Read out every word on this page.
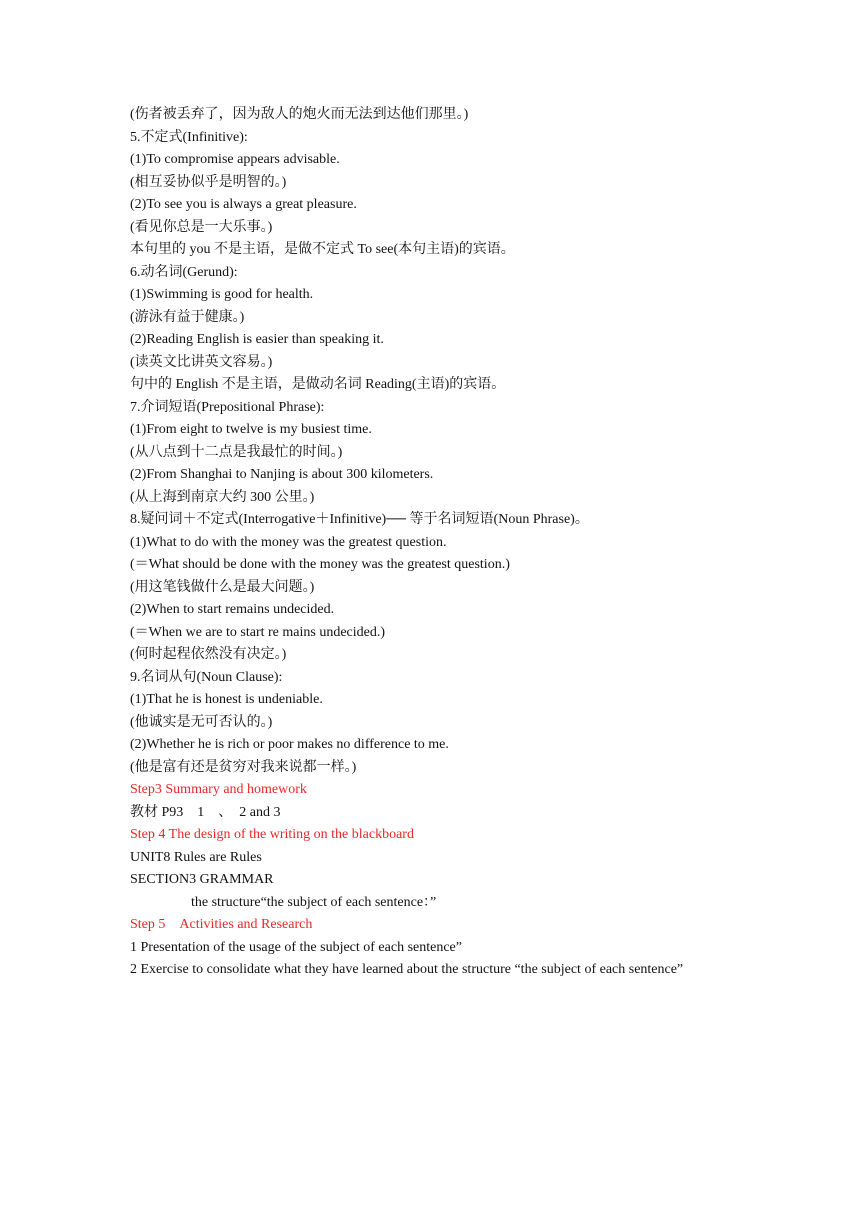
(伤者被丢弃了，因为敌人的炮火而无法到达他们那里。)
5.不定式(Infinitive):
(1)To compromise appears advisable.
(相互妥协似乎是明智的。)
(2)To see you is always a great pleasure.
(看见你总是一大乐事。)
本句里的 you 不是主语，是做不定式 To see(本句主语)的宾语。
6.动名词(Gerund):
(1)Swimming is good for health.
(游泳有益于健康。)
(2)Reading English is easier than speaking it.
(读英文比讲英文容易。)
句中的 English 不是主语，是做动名词 Reading(主语)的宾语。
7.介词短语(Prepositional Phrase):
(1)From eight to twelve is my busiest time.
(从八点到十二点是我最忙的时间。)
(2)From Shanghai to Nanjing is about 300 kilometers.
(从上海到南京大约 300 公里。)
8.疑问词＋不定式(Interrogative＋Infinitive)── 等于名词短语(Noun Phrase)。
(1)What to do with the money was the greatest question.
(＝What should be done with the money was the greatest question.)
(用这笔钱做什么是最大问题。)
(2)When to start remains undecided.
(＝When we are to start re mains undecided.)
(何时起程依然没有决定。)
9.名词从句(Noun Clause):
(1)That he is honest is undeniable.
(他诚实是无可否认的。)
(2)Whether he is rich or poor makes no difference to me.
(他是富有还是贫穷对我来说都一样。)
Step3 Summary and homework
教材 P93　1　、　2 and 3
Step 4 The design of the writing on the blackboard
UNIT8 Rules are Rules
SECTION3 GRAMMAR
the structure“the subject of each sentence：”
Step 5　Activities and Research
1 Presentation of the usage of the subject of each sentence”
2 Exercise to consolidate what they have learned about the structure “the subject of each sentence”
